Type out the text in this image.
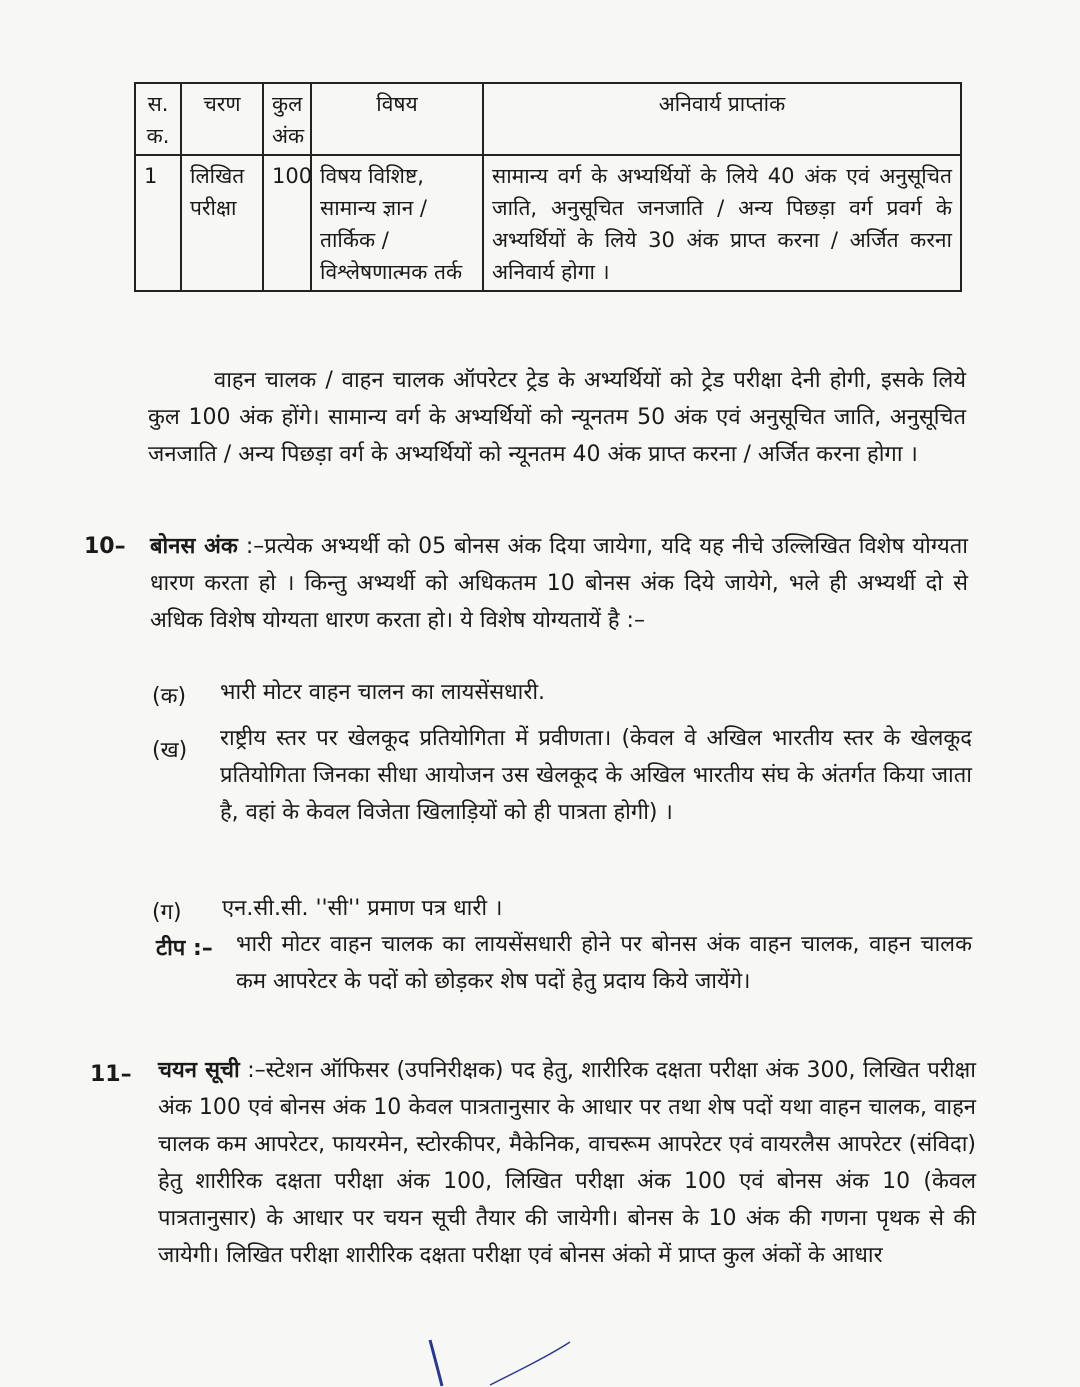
स. क.	चरण	कुल अंक	विषय	अनिवार्य प्राप्तांक
1	लिखित परीक्षा	100	विषय विशिष्ट, सामान्य ज्ञान / तार्किक / विश्लेषणात्मक तर्क	सामान्य वर्ग के अभ्यर्थियों के लिये 40 अंक एवं अनुसूचित जाति, अनुसूचित जनजाति / अन्य पिछड़ा वर्ग प्रवर्ग के अभ्यर्थियों के लिये 30 अंक प्राप्त करना / अर्जित करना अनिवार्य होगा ।
वाहन चालक / वाहन चालक ऑपरेटर ट्रेड के अभ्यर्थियों को ट्रेड परीक्षा देनी होगी, इसके लिये कुल 100 अंक होंगे। सामान्य वर्ग के अभ्यर्थियों को न्यूनतम 50 अंक एवं अनुसूचित जाति, अनुसूचित जनजाति / अन्य पिछड़ा वर्ग के अभ्यर्थियों को न्यूनतम 40 अंक प्राप्त करना / अर्जित करना होगा ।
10– बोनस अंक :–प्रत्येक अभ्यर्थी को 05 बोनस अंक दिया जायेगा, यदि यह नीचे उल्लिखित विशेष योग्यता धारण करता हो । किन्तु अभ्यर्थी को अधिकतम 10 बोनस अंक दिये जायेगे, भले ही अभ्यर्थी दो से अधिक विशेष योग्यता धारण करता हो। ये विशेष योग्यतायें है :–
(क) भारी मोटर वाहन चालन का लायसेंसधारी.
(ख) राष्ट्रीय स्तर पर खेलकूद प्रतियोगिता में प्रवीणता। (केवल वे अखिल भारतीय स्तर के खेलकूद प्रतियोगिता जिनका सीधा आयोजन उस खेलकूद के अखिल भारतीय संघ के अंतर्गत किया जाता है, वहां के केवल विजेता खिलाड़ियों को ही पात्रता होगी) ।
(ग) एन.सी.सी. ''सी'' प्रमाण पत्र धारी ।
टीप :– भारी मोटर वाहन चालक का लायसेंसधारी होने पर बोनस अंक वाहन चालक, वाहन चालक कम आपरेटर के पदों को छोड़कर शेष पदों हेतु प्रदाय किये जायेंगे।
11– चयन सूची :–स्टेशन ऑफिसर (उपनिरीक्षक) पद हेतु, शारीरिक दक्षता परीक्षा अंक 300, लिखित परीक्षा अंक 100 एवं बोनस अंक 10 केवल पात्रतानुसार के आधार पर तथा शेष पदों यथा वाहन चालक, वाहन चालक कम आपरेटर, फायरमेन, स्टोरकीपर, मैकेनिक, वाचरूम आपरेटर एवं वायरलैस आपरेटर (संविदा) हेतु शारीरिक दक्षता परीक्षा अंक 100, लिखित परीक्षा अंक 100 एवं बोनस अंक 10 (केवल पात्रतानुसार) के आधार पर चयन सूची तैयार की जायेगी। बोनस के 10 अंक की गणना पृथक से की जायेगी। लिखित परीक्षा शारीरिक दक्षता परीक्षा एवं बोनस अंको में प्राप्त कुल अंकों के आधार
